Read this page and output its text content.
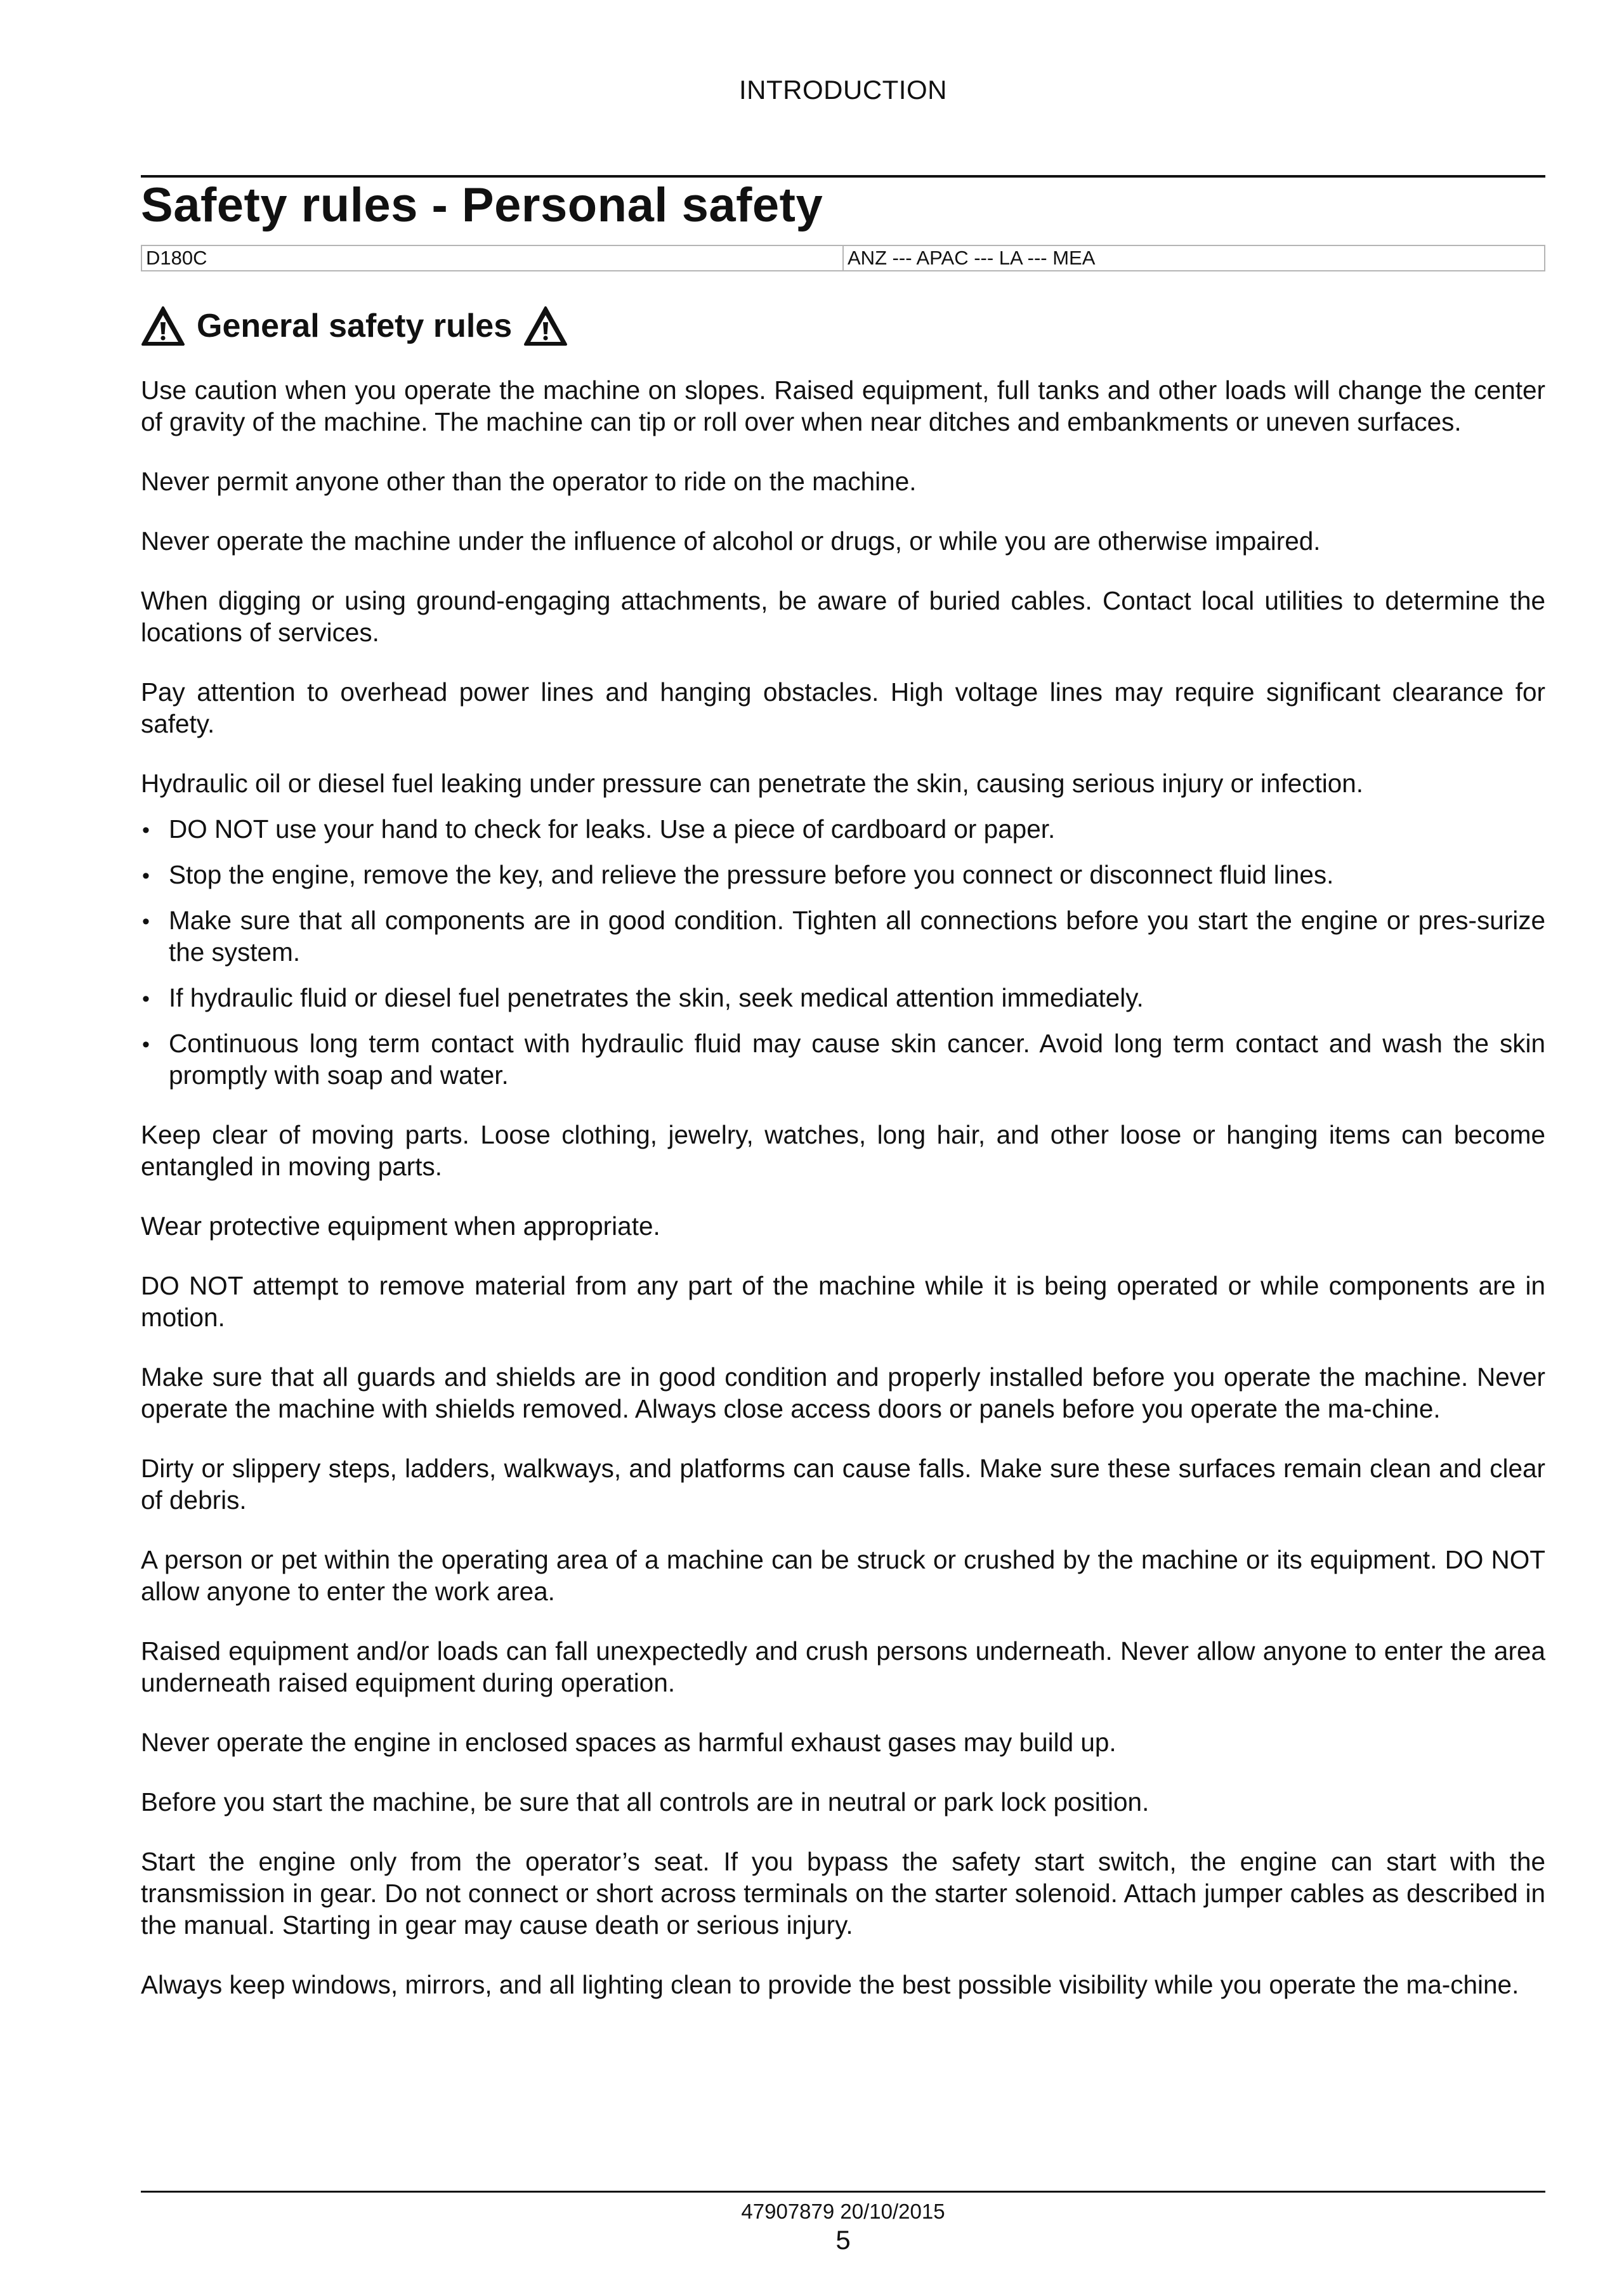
INTRODUCTION
Safety rules - Personal safety
D180C	ANZ --- APAC --- LA --- MEA
General safety rules

Use caution when you operate the machine on slopes. Raised equipment, full tanks and other loads will change the center of gravity of the machine. The machine can tip or roll over when near ditches and embankments or uneven surfaces.

Never permit anyone other than the operator to ride on the machine.

Never operate the machine under the influence of alcohol or drugs, or while you are otherwise impaired.

When digging or using ground-engaging attachments, be aware of buried cables. Contact local utilities to determine the locations of services.

Pay attention to overhead power lines and hanging obstacles. High voltage lines may require significant clearance for safety.

Hydraulic oil or diesel fuel leaking under pressure can penetrate the skin, causing serious injury or infection.

• DO NOT use your hand to check for leaks. Use a piece of cardboard or paper.
• Stop the engine, remove the key, and relieve the pressure before you connect or disconnect fluid lines.
• Make sure that all components are in good condition. Tighten all connections before you start the engine or pres-surize the system.
• If hydraulic fluid or diesel fuel penetrates the skin, seek medical attention immediately.
• Continuous long term contact with hydraulic fluid may cause skin cancer. Avoid long term contact and wash the skin promptly with soap and water.

Keep clear of moving parts. Loose clothing, jewelry, watches, long hair, and other loose or hanging items can become entangled in moving parts.

Wear protective equipment when appropriate.

DO NOT attempt to remove material from any part of the machine while it is being operated or while components are in motion.

Make sure that all guards and shields are in good condition and properly installed before you operate the machine. Never operate the machine with shields removed. Always close access doors or panels before you operate the ma-chine.

Dirty or slippery steps, ladders, walkways, and platforms can cause falls. Make sure these surfaces remain clean and clear of debris.

A person or pet within the operating area of a machine can be struck or crushed by the machine or its equipment. DO NOT allow anyone to enter the work area.

Raised equipment and/or loads can fall unexpectedly and crush persons underneath. Never allow anyone to enter the area underneath raised equipment during operation.

Never operate the engine in enclosed spaces as harmful exhaust gases may build up.

Before you start the machine, be sure that all controls are in neutral or park lock position.

Start the engine only from the operator’s seat. If you bypass the safety start switch, the engine can start with the transmission in gear. Do not connect or short across terminals on the starter solenoid. Attach jumper cables as described in the manual. Starting in gear may cause death or serious injury.

Always keep windows, mirrors, and all lighting clean to provide the best possible visibility while you operate the ma-chine.

47907879 20/10/2015
5
